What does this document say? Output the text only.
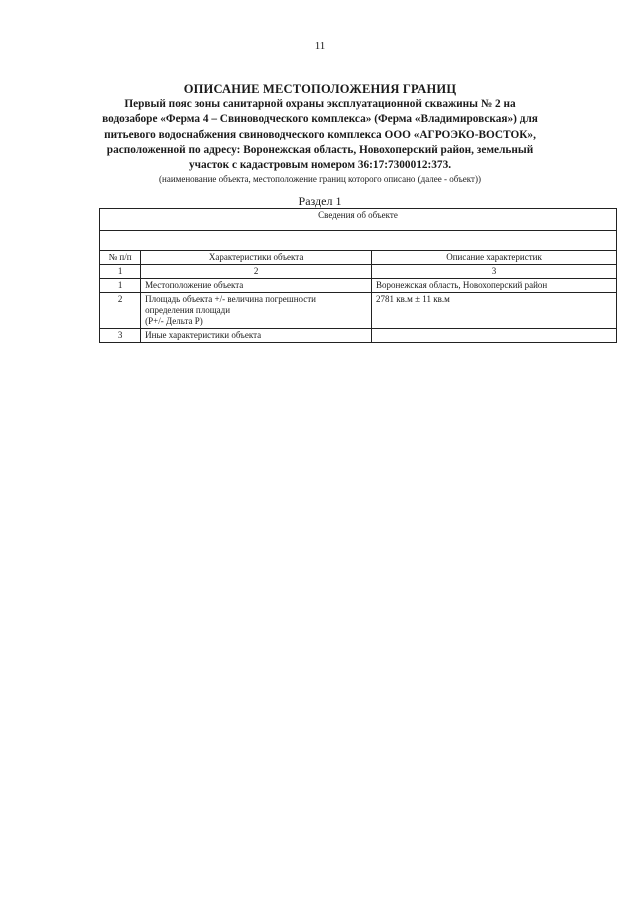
11

ОПИСАНИЕ МЕСТОПОЛОЖЕНИЯ ГРАНИЦ

Первый пояс зоны санитарной охраны эксплуатационной скважины № 2 на

водозаборе «Ферма 4 – Свиноводческого комплекса» (Ферма «Владимировская») для

питьевого водоснабжения свиноводческого комплекса ООО «АГРОЭКО-ВОСТОК»,

расположенной по адресу: Воронежская область, Новохоперский район, земельный

участок с кадастровым номером 36:17:7300012:373.

(наименование объекта, местоположение границ которого описано (далее - объект))

Раздел 1
Сведения об объекте		

№ п/п	Характеристики объекта	Описание характеристик
1	2	3
1	Местоположение объекта	Воронежская область, Новохоперский район
2	Площадь объекта +/- величина погрешности
определения площади
(Р+/- Дельта Р)	2781 кв.м ± 11 кв.м
3	Иные характеристики объекта	
